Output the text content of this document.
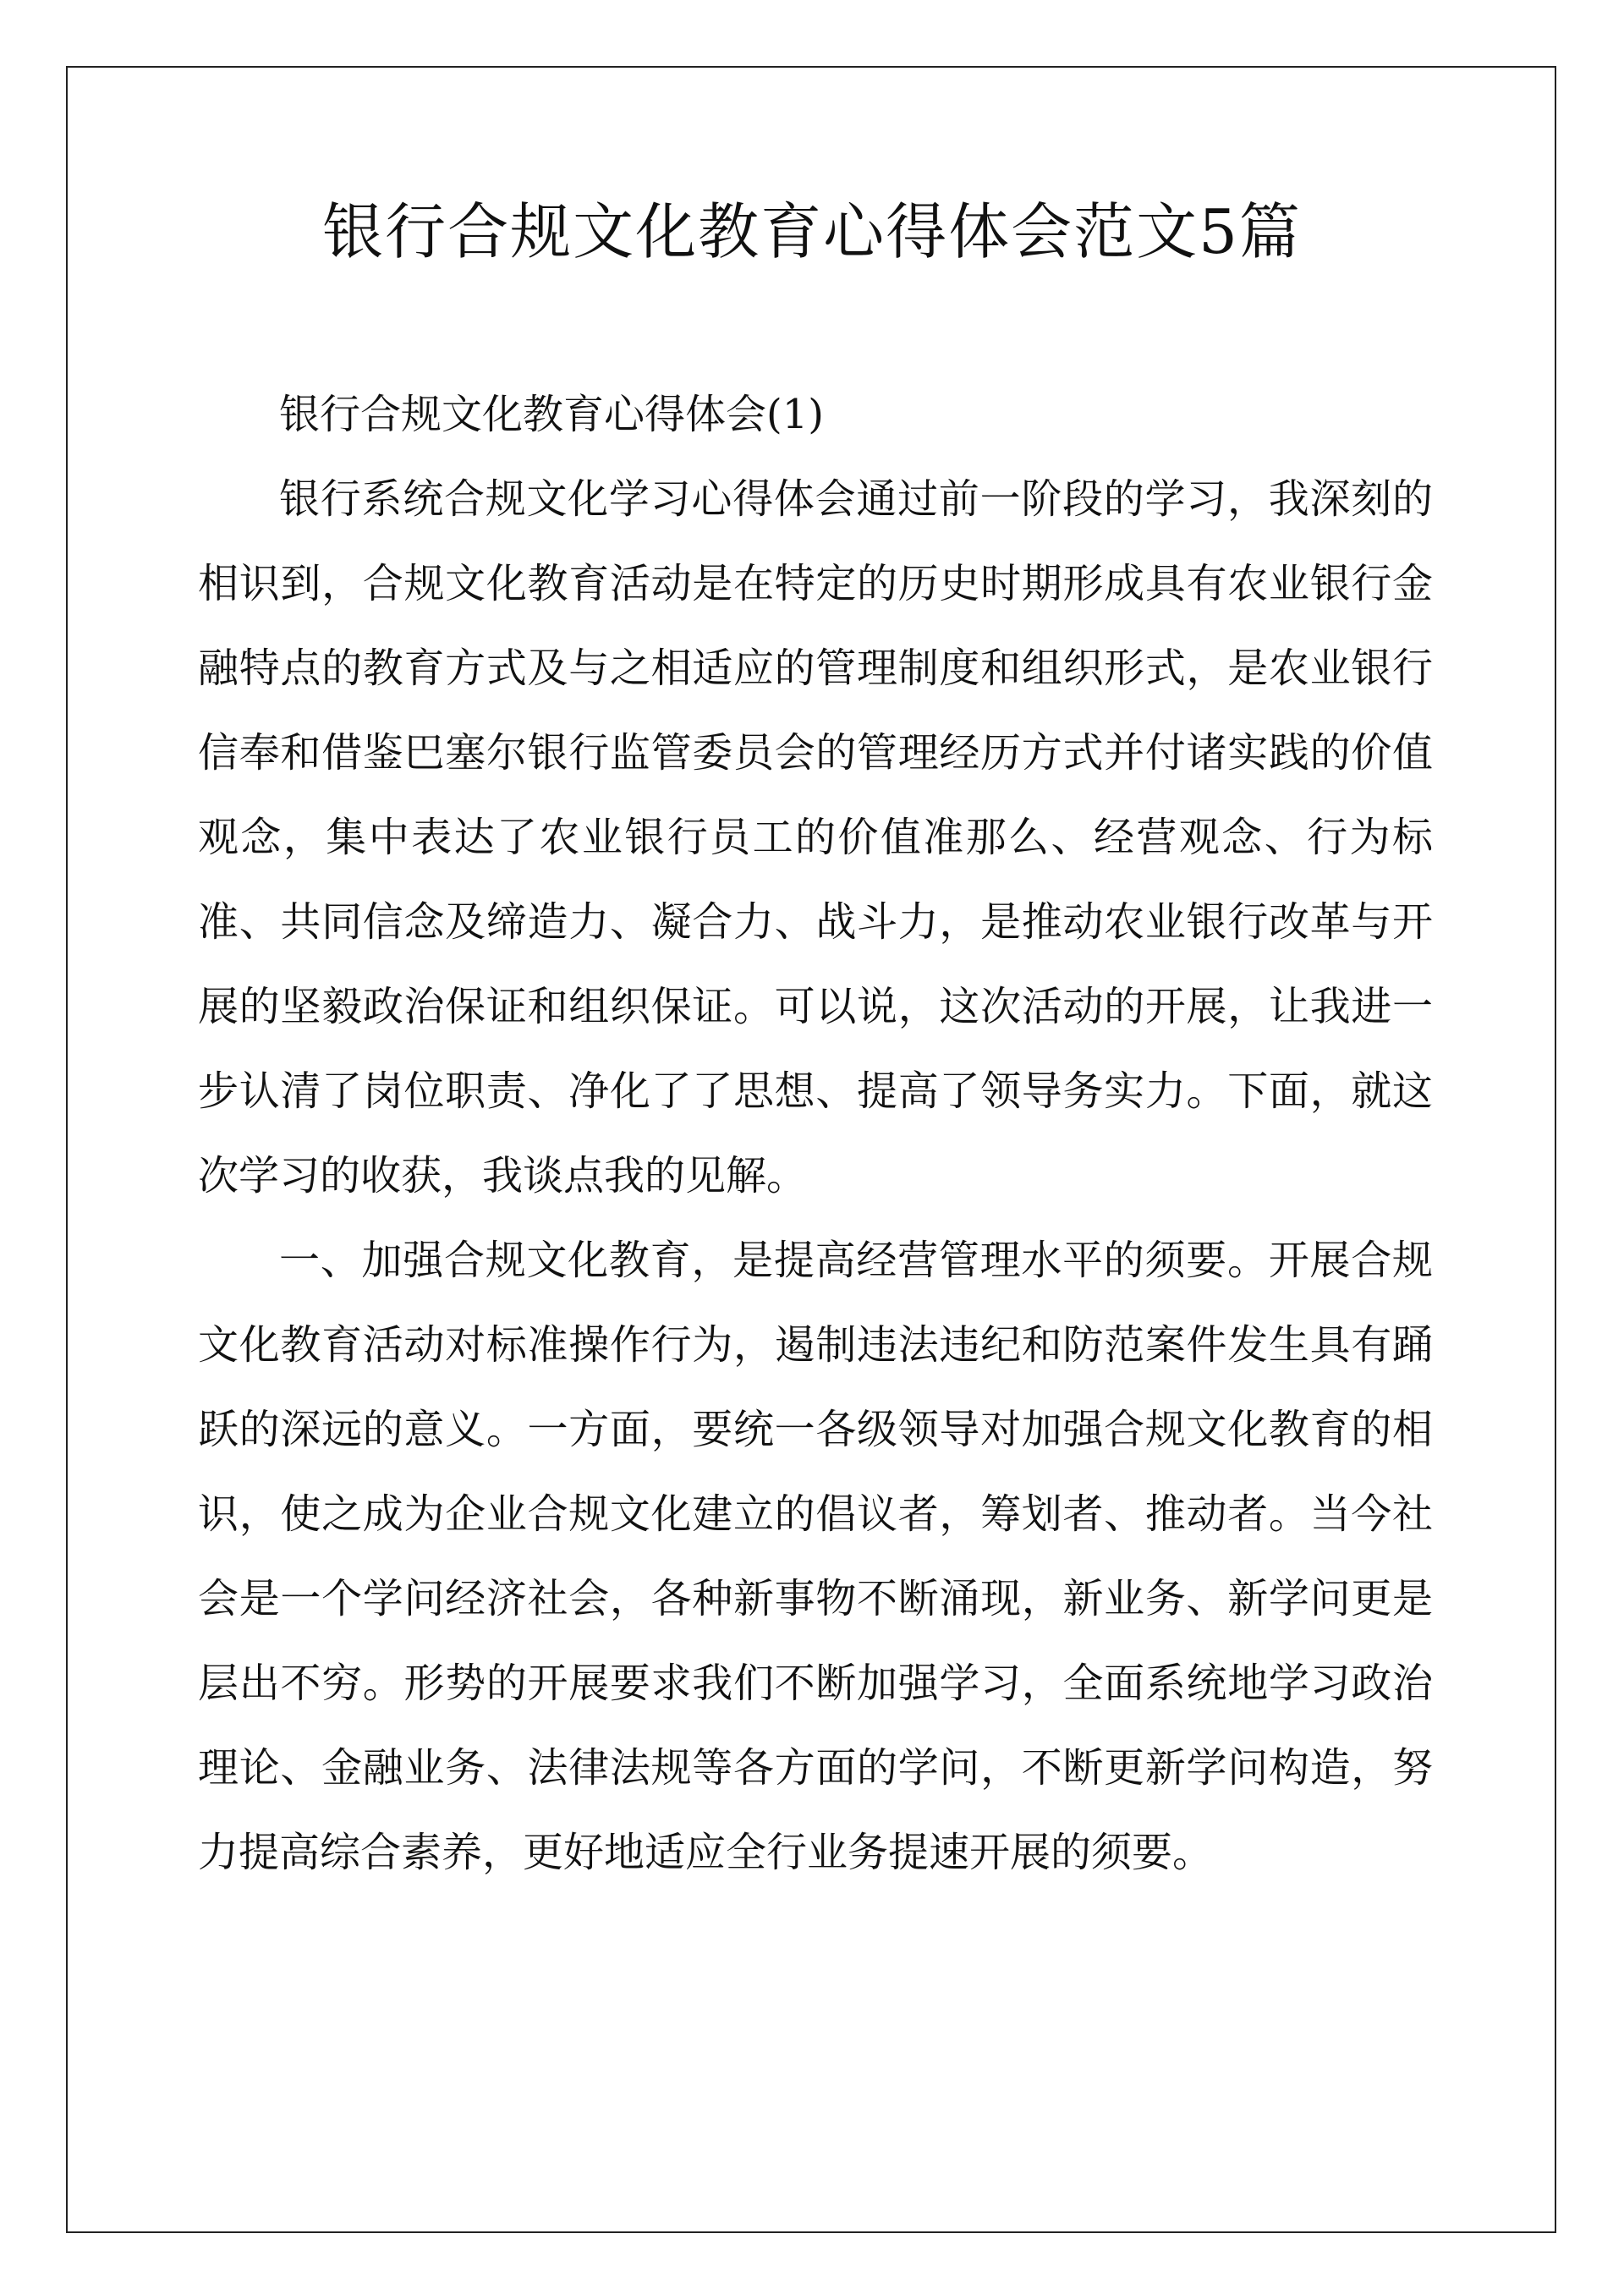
银行合规文化教育心得体会范文5篇

银行合规文化教育心得体会(1)

银行系统合规文化学习心得体会通过前一阶段的学习，我深刻的相识到，合规文化教育活动是在特定的历史时期形成具有农业银行金融特点的教育方式及与之相适应的管理制度和组织形式，是农业银行信奉和借鉴巴塞尔银行监管委员会的管理经历方式并付诸实践的价值观念，集中表达了农业银行员工的价值准那么、经营观念、行为标准、共同信念及缔造力、凝合力、战斗力，是推动农业银行改革与开展的坚毅政治保证和组织保证。可以说，这次活动的开展，让我进一步认清了岗位职责、净化了了思想、提高了领导务实力。下面，就这次学习的收获，我谈点我的见解。

一、加强合规文化教育，是提高经营管理水平的须要。开展合规文化教育活动对标准操作行为，遏制违法违纪和防范案件发生具有踊跃的深远的意义。一方面，要统一各级领导对加强合规文化教育的相识，使之成为企业合规文化建立的倡议者，筹划者、推动者。当今社会是一个学问经济社会，各种新事物不断涌现，新业务、新学问更是层出不穷。形势的开展要求我们不断加强学习，全面系统地学习政治理论、金融业务、法律法规等各方面的学问，不断更新学问构造，努力提高综合素养，更好地适应全行业务提速开展的须要。
